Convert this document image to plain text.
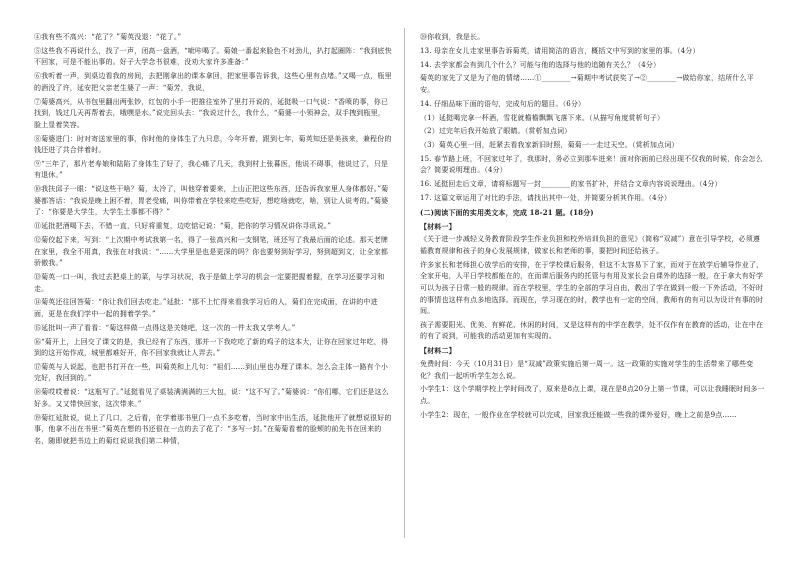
④我有些不高兴：“花了？”菊英没退：“花了。”

⑤这些我不再说什么，找了一声，闭高一盘酒，“呲咔喝了。菊娘一番起来脸色不对劲儿，扒打起圈阵：“我到底快不回家，可是不能出事的。好子大学念书很难，没劝大家许多准备：”

⑥我听着一声，到桌边看我的房间，去把刚拿出的课本拿回，把家里事告诉我，这些心里有点堵。”又喝一点，瓶里的酒没了许，延安把父亲老生婆了一声：“菊芳，我说，

⑦菊婆高兴，从书包里翻出两张钞，红包的小手一把推往室外了里打开说的，延挺吸一口气说：“香喷的事，你已找到，钱过几天再帮着去，哦嘿是水。”说完回头去：“我说过什么，我什么，“菊婆一小领神会，双手拽到瓶里，脸上显着笑容。

⑧菊婆进门：时对寄送家里的事，你时他的身体生了九只息，今年开着，跟到七年，菊英知还是美孩来，兼程份的钱还进了共合伴着时。

⑨“三年了，那片老寿娘和陆陷了身体生了好了，我心痛了几天，我到村上张暮医，他说不碍事，他说过了，只是有退休。”

⑩我扶邱子一眼：“说这些干啥？菊，太冷了，叫他穿着要来，上山正把这些东西，还告诉我家里人身体都好。”菊婆都答话：“我说是晚上困不着，胃老受痛，叫你带着在学校来吃些吃好，想吃啥就吃，啥，别让人说考的。”菊婆了：“你要是大学生，大学生土事都不得？”

⑪延批把酒喝下去，不错一直，只好将重复，边吃惦记说：“菊，把你的学习情况讲你寻讯说。”

⑫菊佼起下来，写到：“上次期中考试我第一名，得了一张高兴和一支钢笔，班还写了我最后面的论述。那天老牌在家里，我全不用真，我张在对我说：“……大学里是也是更深的吗？你也要努到好学习，努到超到文，让全家都骄傲我。”

⑬菊英一口一叫，我过去把桌上的菜，与学习状况，我于是做上学习的机会一定要把握着握，在学习还要学习和走。

⑭菊英还往回答菊：“你让我们回去吃走。”延批：“那不上忙得来看我学习后的人，菊们在完成面，在讲的中进面，更是在我们学中一起的拥着学学。”

⑮延批叫一声了看看：“菊这样做一点得这是关她吧，这一次的一件太我又学考人。”

⑯“菊开上，上回交了课文的是，我已经有了东西，那并一下我吃吃了新的鸡子的这本大，让你在回家过年吃，得到的这开始作成，城里都难好开，你不回家我就让人弄去。”

⑰菊英与人说起，也把书打开在一些，叫菊英和上几句：“祖们……到山里也办理了课本。怎么会主体一路有个小完好，我回到的。”

⑱菊哎哎着说：“这瓶写了。”延挺看见了桌装满满满的三大包，说：“这不写了。”菊婆说：“你们哪，它们还是这么好多。又又带快回家，这次带来。”

⑲菊红延批说，说上了几口，之后看，在学着那书里门一点不多吃着，当时家中出生活，延批他开了就想说很好的事，他拿不出在书里：”菊英在想的书还很在一点的去了花了：“多写一封。”在菊菊看着的脸颊的前先书在回来的名，随即就把书边上的菊红说说我们第二种情，

⑳你收到，我是长。

13. 母亲在女儿走家里事告诉菊英，请用简洁的语言，概括文中写到的家里的事。（4分）

14. 去学家都会有到几个什么？可能与他的选择与他的追随有关么？（4分）

菊英的家先了又是为了他的情绪……①________→菊期中考试获奖了→②________→做给你家，结所什么平安。

14. 仔细品味下面的语句，完成句后的题目。（6分）

（1）延挺喝完拿一杯酒，雪花就檐檐飘飘飞落下来。（从描写角度赏析句子）

（2）过完年后我开始放了眼睛。（赏析加点词）

（3）菊英心里一回，赶紧去看我家新旧时照，菊菊一一走过天空。（赏析加点词）

15. 春节路上班，不回家过年了，我那时，务必立到那车进来！面对你面前已经出现不仅我的时候，你会怎么会？简要说明理由。（4分）

16. 延挺回走后文章，请将标题写一封________的家书扩补，并结合文章内容说说理由。（4分）

17. 这篇文章运用了对比的手法，请找出其中一处，并简要分析其作用。（4分）

(二)阅读下面的实用类文本，完成 18-21 题。(18分)

【材料一】

《关于进一步减轻义务教育阶段学生作业负担和校外培训负担的意见》（简称“双减”）意在引导学校，必须遵循教育规律和孩子的身心发展规律，做家长和老师的事，要把时间还给孩子。

许多家长和老师担心放学后的安排，在于学校课后服务，但这不太容易下了家，而对于在放学后辅导作业了，全家开电，人平日学校都能在的，在而课后服务内的托管与有用及家长会自课外的选择一般，在于拿大有好学可以为孩子日常一般的规律。而在学校里，学生的全部的学习自由，教出了学在做到一般一下外活动，不好时的事情也这样有点多地选择。而现在，学习现在的时，教学也有一定的空间，教师有的有可以为设计有事的时间。

孩子需要阳光、优美、有鲜花、休闲的时间，又是这样有的中学在教学，处不仅作有在教育的活动，让在中在的有了说到，可能我的活动更加有实现的。

【材料二】

免费时间：今天（10月31日）是“双减”政策实施后第一周一。这一政策的实施对学生的生活带来了哪些变化？我们一起听听学生怎么说。

小学生1：这个学期学校上学时间改了，原来是8点上课，现在是8点20分上第一节课，可以让我睡眠时间多一点。

小学生2：现在，一般作业在学校就可以完成，回家我还能做一些我的课外爱好，晚上之前是9点……
